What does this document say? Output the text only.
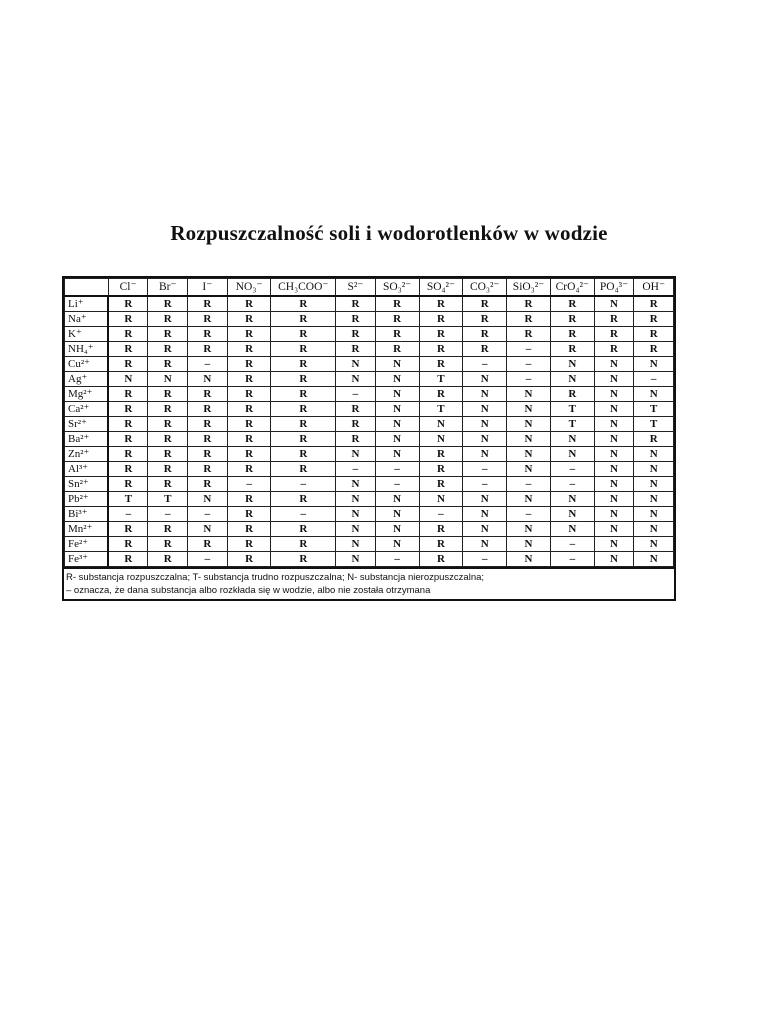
Rozpuszczalność soli i wodorotlenków w wodzie
	Cl⁻	Br⁻	I⁻	NO₃⁻	CH₃COO⁻	S²⁻	SO₃²⁻	SO₄²⁻	CO₃²⁻	SiO₃²⁻	CrO₄²⁻	PO₄³⁻	OH⁻
Li⁺	R	R	R	R	R	R	R	R	R	R	R	N	R
Na⁺	R	R	R	R	R	R	R	R	R	R	R	R	R
K⁺	R	R	R	R	R	R	R	R	R	R	R	R	R
NH₄⁺	R	R	R	R	R	R	R	R	R	–	R	R	R
Cu²⁺	R	R	–	R	R	N	N	R	–	–	N	N	N
Ag⁺	N	N	N	R	R	N	N	T	N	–	N	N	–
Mg²⁺	R	R	R	R	R	–	N	R	N	N	R	N	N
Ca²⁺	R	R	R	R	R	R	N	T	N	N	T	N	T
Sr²⁺	R	R	R	R	R	R	N	N	N	N	T	N	T
Ba²⁺	R	R	R	R	R	R	N	N	N	N	N	N	R
Zn²⁺	R	R	R	R	R	N	N	R	N	N	N	N	N
Al³⁺	R	R	R	R	R	–	–	R	–	N	–	N	N
Sn²⁺	R	R	R	–	–	N	–	R	–	–	–	N	N
Pb²⁺	T	T	N	R	R	N	N	N	N	N	N	N	N
Bi³⁺	–	–	–	R	–	N	N	–	N	–	N	N	N
Mn²⁺	R	R	N	R	R	N	N	R	N	N	N	N	N
Fe²⁺	R	R	R	R	R	N	N	R	N	N	–	N	N
Fe³⁺	R	R	–	R	R	N	–	R	–	N	–	N	N
R- substancja rozpuszczalna; T- substancja trudno rozpuszczalna; N- substancja nierozpuszczalna;
– oznacza, że dana substancja albo rozkłada się w wodzie, albo nie została otrzymana
